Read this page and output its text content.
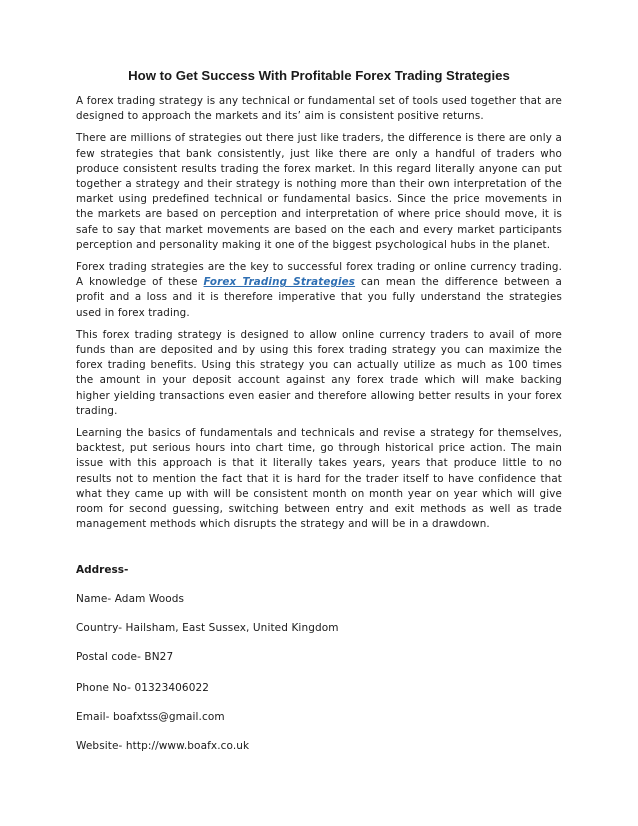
How to Get Success With Profitable Forex Trading Strategies

A forex trading strategy is any technical or fundamental set of tools used together that are designed to approach the markets and its’ aim is consistent positive returns.

There are millions of strategies out there just like traders, the difference is there are only a few strategies that bank consistently, just like there are only a handful of traders who produce consistent results trading the forex market. In this regard literally anyone can put together a strategy and their strategy is nothing more than their own interpretation of the market using predefined technical or fundamental basics. Since the price movements in the markets are based on perception and interpretation of where price should move, it is safe to say that market movements are based on the each and every market participants perception and personality making it one of the biggest psychological hubs in the planet.

Forex trading strategies are the key to successful forex trading or online currency trading. A knowledge of these Forex Trading Strategies can mean the difference between a profit and a loss and it is therefore imperative that you fully understand the strategies used in forex trading.

This forex trading strategy is designed to allow online currency traders to avail of more funds than are deposited and by using this forex trading strategy you can maximize the forex trading benefits. Using this strategy you can actually utilize as much as 100 times the amount in your deposit account against any forex trade which will make backing higher yielding transactions even easier and therefore allowing better results in your forex trading.

Learning the basics of fundamentals and technicals and revise a strategy for themselves, backtest, put serious hours into chart time, go through historical price action. The main issue with this approach is that it literally takes years, years that produce little to no results not to mention the fact that it is hard for the trader itself to have confidence that what they came up with will be consistent month on month year on year which will give room for second guessing, switching between entry and exit methods as well as trade management methods which disrupts the strategy and will be in a drawdown.

Address-

Name- Adam Woods

Country- Hailsham, East Sussex, United Kingdom

Postal code- BN27

Phone No- 01323406022

Email- boafxtss@gmail.com

Website- http://www.boafx.co.uk
